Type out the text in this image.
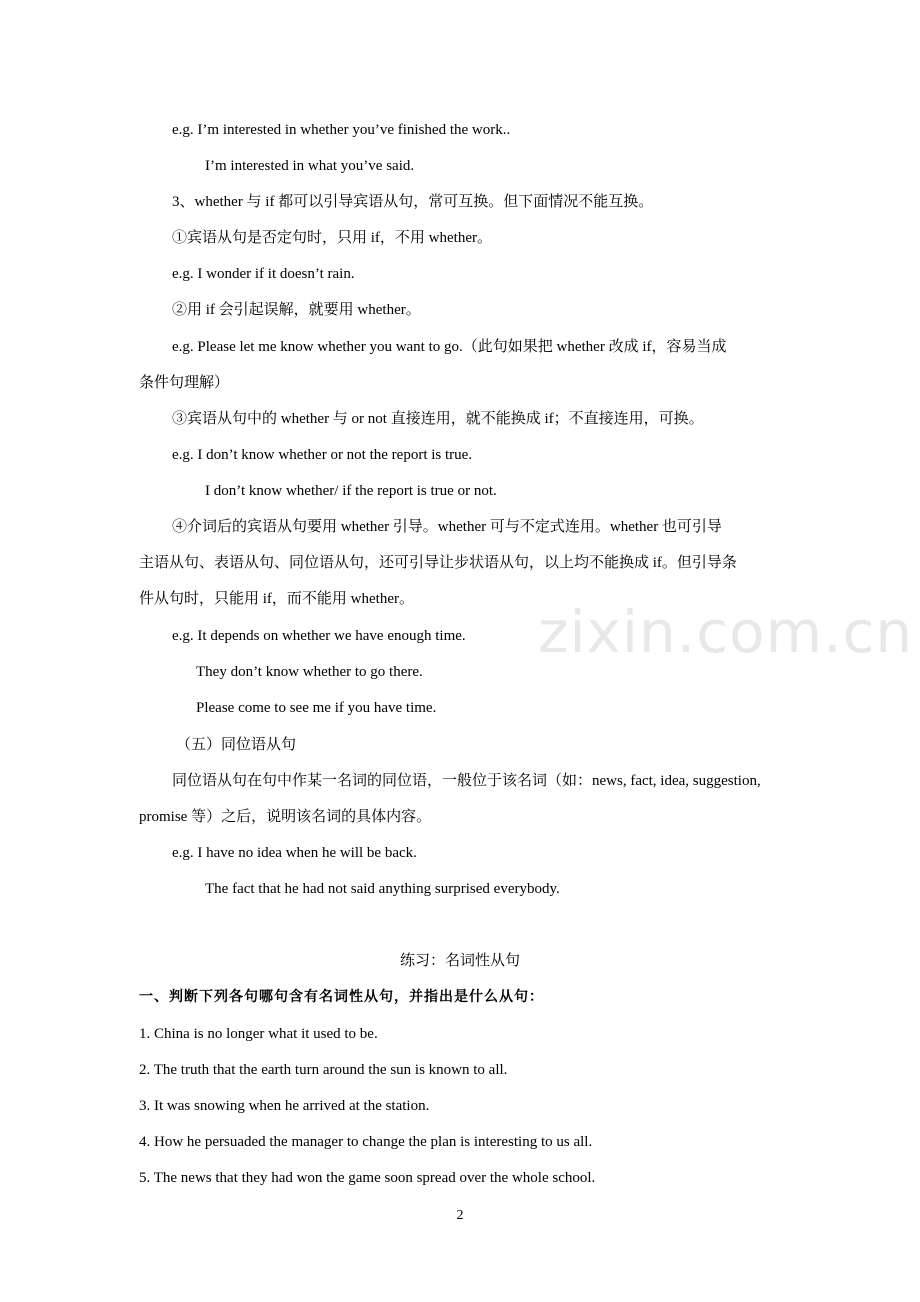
zixin.com.cn
e.g. I’m interested in whether you’ve finished the work..
I’m interested in what you’ve said.
3、whether 与 if 都可以引导宾语从句，常可互换。但下面情况不能互换。
①宾语从句是否定句时，只用 if，不用 whether。
e.g. I wonder if it doesn’t rain.
②用 if 会引起误解，就要用 whether。
e.g. Please let me know whether you want to go.（此句如果把 whether 改成 if，容易当成
条件句理解）
③宾语从句中的 whether 与 or not 直接连用，就不能换成 if；不直接连用，可换。
e.g. I don’t know whether or not the report is true.
I don’t know whether/ if the report is true or not.
④介词后的宾语从句要用 whether 引导。whether 可与不定式连用。whether 也可引导
主语从句、表语从句、同位语从句，还可引导让步状语从句，以上均不能换成 if。但引导条
件从句时，只能用 if，而不能用 whether。
e.g. It depends on whether we have enough time.
They don’t know whether to go there.
Please come to see me if you have time.
（五）同位语从句
同位语从句在句中作某一名词的同位语，一般位于该名词（如：news, fact, idea, suggestion,
promise 等）之后，说明该名词的具体内容。
e.g. I have no idea when he will be back.
The fact that he had not said anything surprised everybody.
练习：名词性从句
一、判断下列各句哪句含有名词性从句，并指出是什么从句：
1. China is no longer what it used to be.
2. The truth that the earth turn around the sun is known to all.
3. It was snowing when he arrived at the station.
4. How he persuaded the manager to change the plan is interesting to us all.
5. The news that they had won the game soon spread over the whole school.
2
